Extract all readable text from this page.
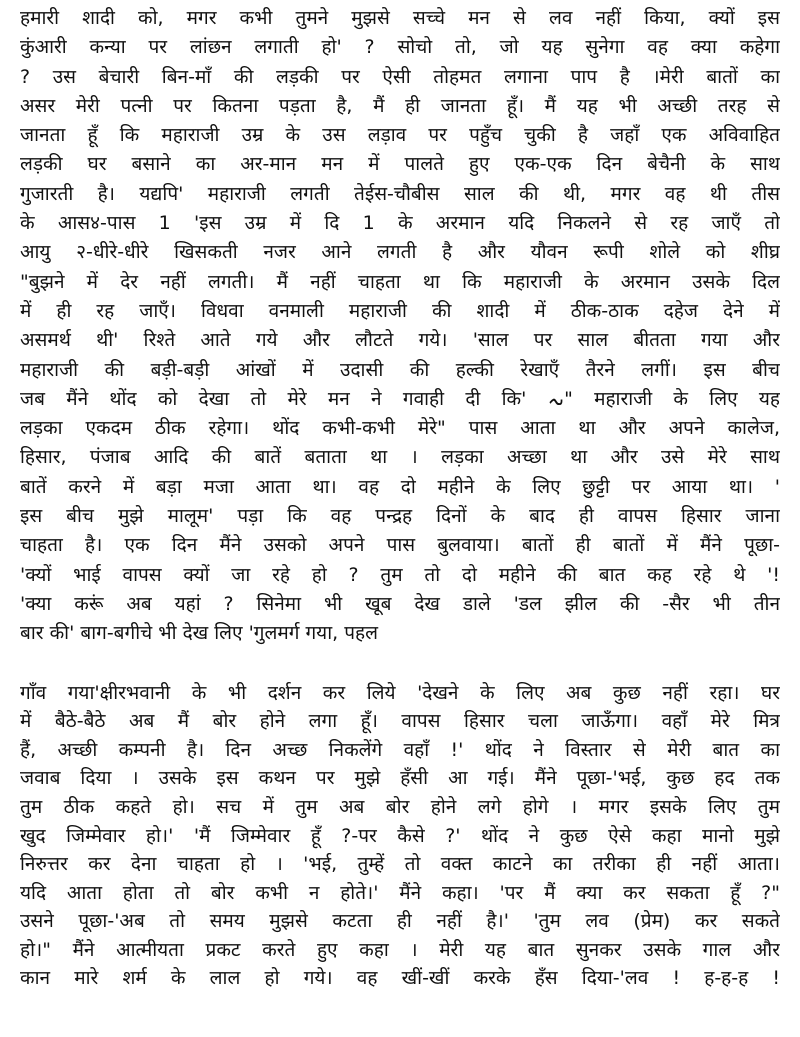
हमारी शादी को, मगर कभी तुमने मुझसे सच्चे मन से लव नहीं किया, क्यों इस
कुंआरी कन्या पर लांछन लगाती हो' ? सोचो तो, जो यह सुनेगा वह क्या कहेगा
? उस बेचारी बिन-माँ की लड़की पर ऐसी तोहमत लगाना पाप है ।मेरी बातों का
असर मेरी पत्नी पर कितना पड़ता है, मैं ही जानता हूँ। मैं यह भी अच्छी तरह से
जानता हूँ कि महाराजी उम्र के उस लड़ाव पर पहुँच चुकी है जहाँ एक अविवाहित
लड़की घर बसाने का अर-मान मन में पालते हुए एक-एक दिन बेचैनी के साथ
गुजारती है। यद्यपि' महाराजी लगती तेईस-चौबीस साल की थी, मगर वह थी तीस
के आस४-पास 1 'इस उम्र में दि 1 के अरमान यदि निकलने से रह जाएँ तो
आयु २-धीरे-धीरे खिसकती नजर आने लगती है और यौवन रूपी शोले को शीघ्र
"बुझने में देर नहीं लगती। मैं नहीं चाहता था कि महाराजी के अरमान उसके दिल
में ही रह जाएँ। विधवा वनमाली महाराजी की शादी में ठीक-ठाक दहेज देने में
असमर्थ थी' रिश्ते आते गये और लौटते गये। 'साल पर साल बीतता गया और
महाराजी की बड़ी-बड़ी आंखों में उदासी की हल्की रेखाएँ तैरने लगीं। इस बीच
जब मैंने थोंद को देखा तो मेरे मन ने गवाही दी कि' ںہ" महाराजी के लिए यह
लड़का एकदम ठीक रहेगा। थोंद कभी-कभी मेरे" पास आता था और अपने कालेज,
हिसार, पंजाब आदि की बातें बताता था । लड़का अच्छा था और उसे मेरे साथ
बातें करने में बड़ा मजा आता था। वह दो महीने के लिए छुट्टी पर आया था। '
इस बीच मुझे मालूम' पड़ा कि वह पन्द्रह दिनों के बाद ही वापस हिसार जाना
चाहता है। एक दिन मैंने उसको अपने पास बुलवाया। बातों ही बातों में मैंने पूछा-
'क्यों भाई वापस क्यों जा रहे हो ? तुम तो दो महीने की बात कह रहे थे '!
'क्या करूं अब यहां ? सिनेमा भी खूब देख डाले 'डल झील की -सैर भी तीन
बार की' बाग-बगीचे भी देख लिए 'गुलमर्ग गया, पहल
गाँव गया'क्षीरभवानी के भी दर्शन कर लिये 'देखने के लिए अब कुछ नहीं रहा। घर
में बैठे-बैठे अब मैं बोर होने लगा हूँ। वापस हिसार चला जाऊँगा। वहाँ मेरे मित्र
हैं, अच्छी कम्पनी है। दिन अच्छ निकलेंगे वहाँ !' थोंद ने विस्तार से मेरी बात का
जवाब दिया । उसके इस कथन पर मुझे हँसी आ गई। मैंने पूछा-'भई, कुछ हद तक
तुम ठीक कहते हो। सच में तुम अब बोर होने लगे होगे । मगर इसके लिए तुम
खुद जिम्मेवार हो।' 'मैं जिम्मेवार हूँ ?-पर कैसे ?' थोंद ने कुछ ऐसे कहा मानो मुझे
निरुत्तर कर देना चाहता हो । 'भई, तुम्हें तो वक्त काटने का तरीका ही नहीं आता।
यदि आता होता तो बोर कभी न होते।' मैंने कहा। 'पर मैं क्या कर सकता हूँ ?"
उसने पूछा-'अब तो समय मुझसे कटता ही नहीं है।' 'तुम लव (प्रेम) कर सकते
हो।" मैंने आत्मीयता प्रकट करते हुए कहा । मेरी यह बात सुनकर उसके गाल और
कान मारे शर्म के लाल हो गये। वह खीं-खीं करके हँस दिया-'लव ! ह-ह-ह !
